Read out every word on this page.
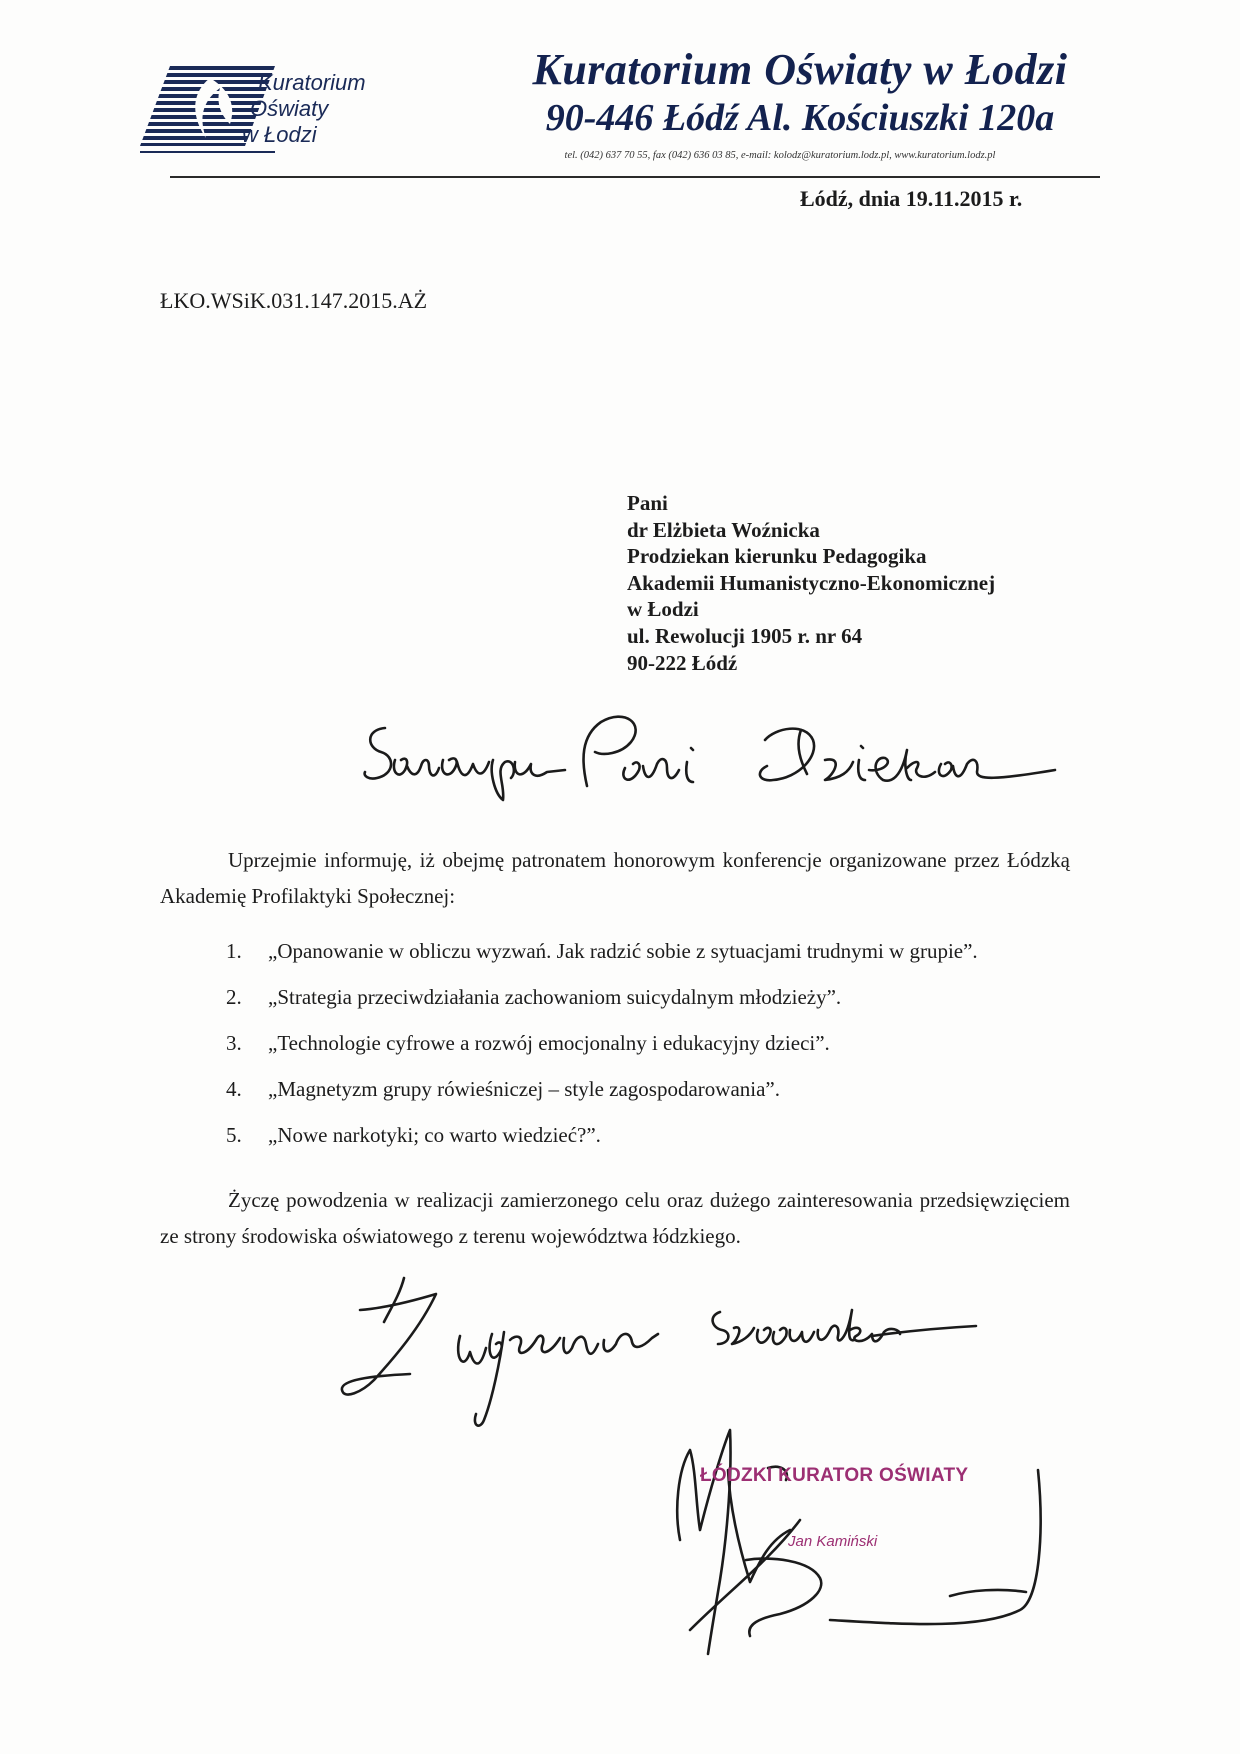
Kuratorium
Oświaty
w Łodzi
Kuratorium Oświaty w Łodzi
90-446 Łódź Al. Kościuszki 120a
tel. (042) 637 70 55, fax (042) 636 03 85, e-mail: kolodz@kuratorium.lodz.pl, www.kuratorium.lodz.pl
Łódź, dnia 19.11.2015 r.
ŁKO.WSiK.031.147.2015.AŻ
Pani
dr Elżbieta Woźnicka
Prodziekan kierunku Pedagogika
Akademii Humanistyczno-Ekonomicznej
w Łodzi
ul. Rewolucji 1905 r. nr 64
90-222 Łódź
Uprzejmie informuję, iż obejmę patronatem honorowym konferencje organizowane przez Łódzką Akademię Profilaktyki Społecznej:
1.	„Opanowanie w obliczu wyzwań. Jak radzić sobie z sytuacjami trudnymi w grupie”.
2.	„Strategia przeciwdziałania zachowaniom suicydalnym młodzieży”.
3.	„Technologie cyfrowe a rozwój emocjonalny i edukacyjny dzieci”.
4.	„Magnetyzm grupy rówieśniczej – style zagospodarowania”.
5.	„Nowe narkotyki; co warto wiedzieć?”.
Życzę powodzenia w realizacji zamierzonego celu oraz dużego zainteresowania przedsięwzięciem ze strony środowiska oświatowego z terenu województwa łódzkiego.
ŁÓDZKI KURATOR OŚWIATY
Jan Kamiński
